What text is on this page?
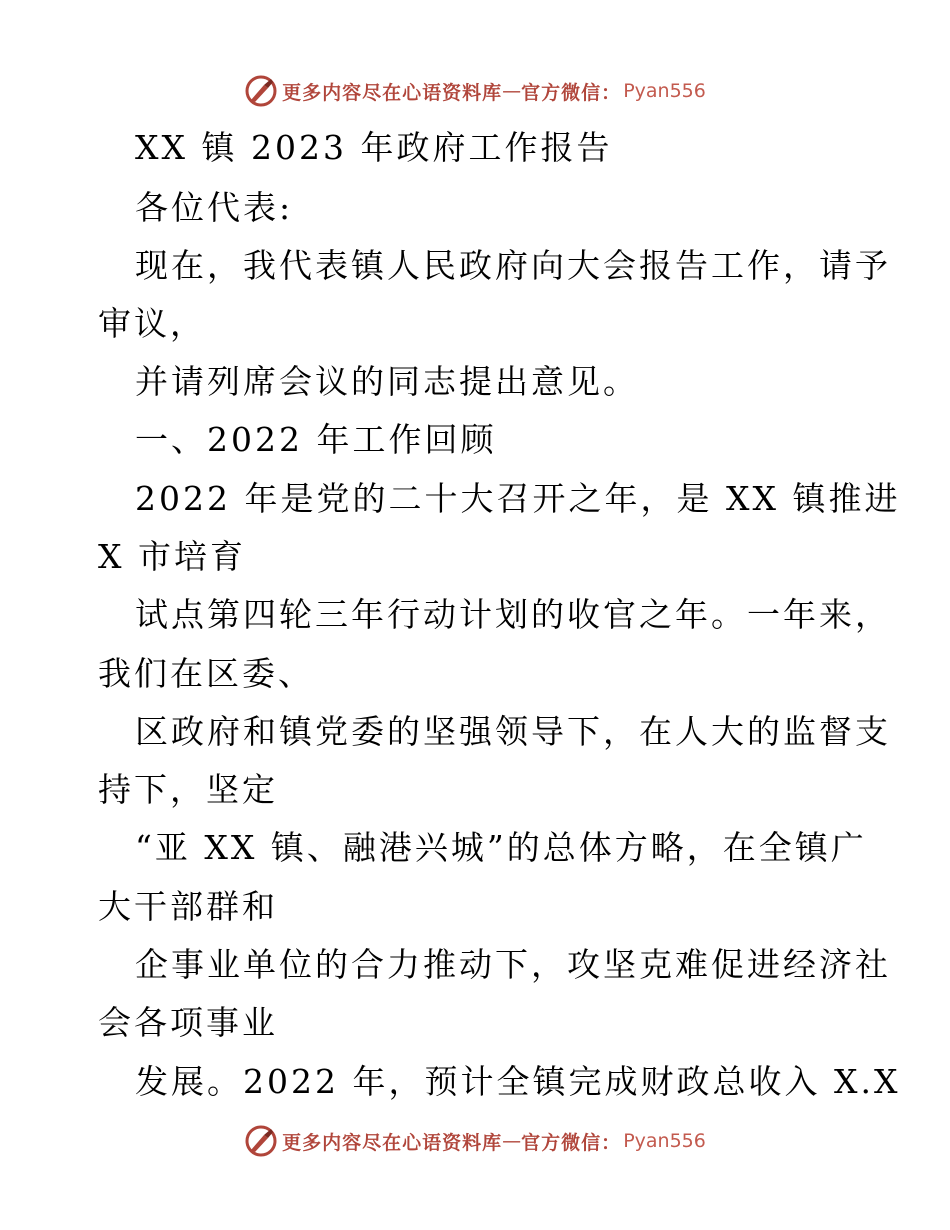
更多内容尽在心语资料库 — 官方微信： Pyan556
XX 镇 2023 年政府工作报告
各位代表:
现在，我代表镇人民政府向大会报告工作，请予
审议，
并请列席会议的同志提出意见。
一、2022 年工作回顾
2022 年是党的二十大召开之年，是 XX 镇推进
X 市培育
试点第四轮三年行动计划的收官之年。一年来，
我们在区委、
区政府和镇党委的坚强领导下，在人大的监督支
持下，坚定
“亚 XX 镇、融港兴城”的总体方略，在全镇广
大干部群和
企事业单位的合力推动下，攻坚克难促进经济社
会各项事业
发展。2022 年，预计全镇完成财政总收入 X.X
更多内容尽在心语资料库 — 官方微信： Pyan556
